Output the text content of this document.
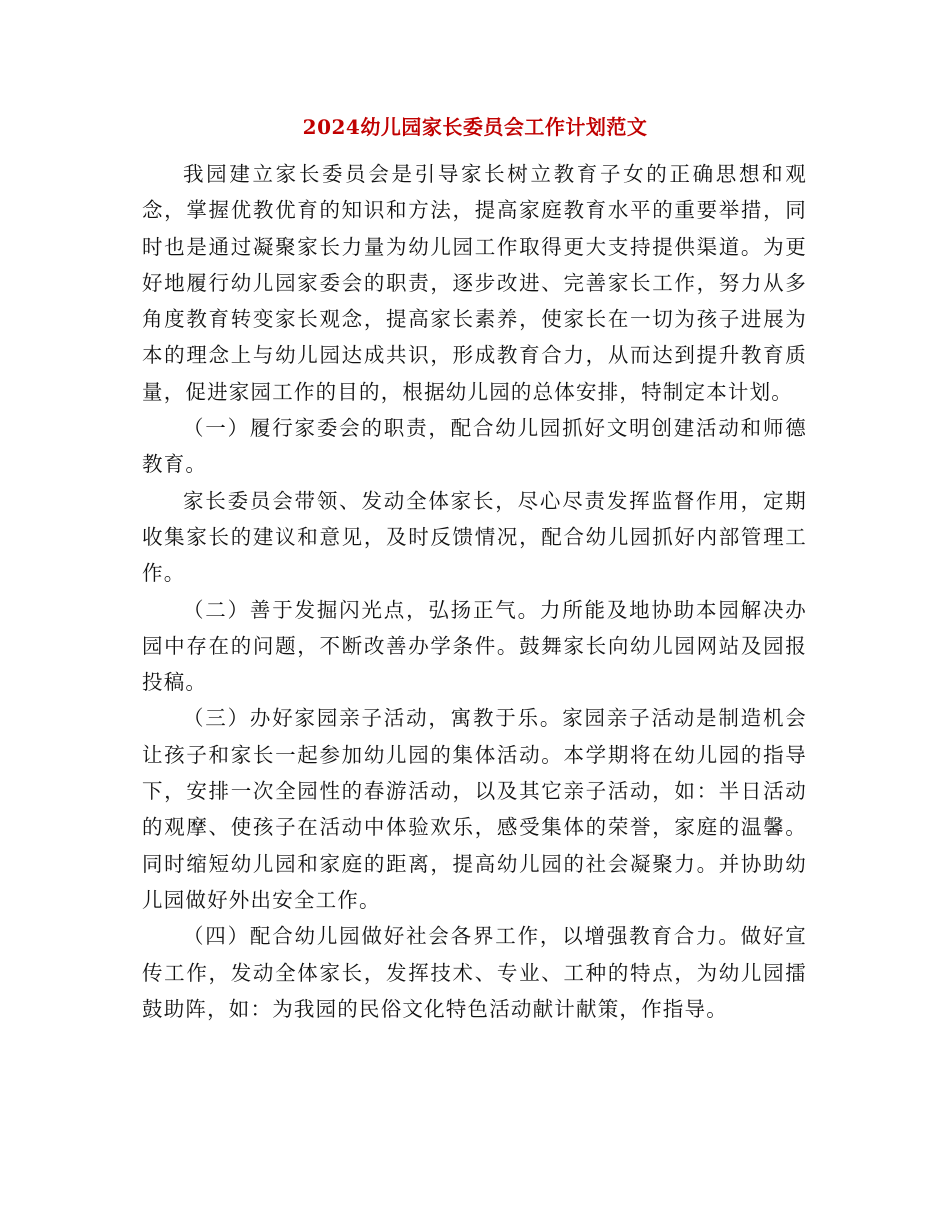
2024幼儿园家长委员会工作计划范文

我园建立家长委员会是引导家长树立教育子女的正确思想和观念，掌握优教优育的知识和方法，提高家庭教育水平的重要举措，同时也是通过凝聚家长力量为幼儿园工作取得更大支持提供渠道。为更好地履行幼儿园家委会的职责，逐步改进、完善家长工作，努力从多角度教育转变家长观念，提高家长素养，使家长在一切为孩子进展为本的理念上与幼儿园达成共识，形成教育合力，从而达到提升教育质量，促进家园工作的目的，根据幼儿园的总体安排，特制定本计划。

（一）履行家委会的职责，配合幼儿园抓好文明创建活动和师德教育。

家长委员会带领、发动全体家长，尽心尽责发挥监督作用，定期收集家长的建议和意见，及时反馈情况，配合幼儿园抓好内部管理工作。

（二）善于发掘闪光点，弘扬正气。力所能及地协助本园解决办园中存在的问题，不断改善办学条件。鼓舞家长向幼儿园网站及园报投稿。

（三）办好家园亲子活动，寓教于乐。家园亲子活动是制造机会让孩子和家长一起参加幼儿园的集体活动。本学期将在幼儿园的指导下，安排一次全园性的春游活动，以及其它亲子活动，如：半日活动的观摩、使孩子在活动中体验欢乐，感受集体的荣誉，家庭的温馨。同时缩短幼儿园和家庭的距离，提高幼儿园的社会凝聚力。并协助幼儿园做好外出安全工作。

（四）配合幼儿园做好社会各界工作，以增强教育合力。做好宣传工作，发动全体家长，发挥技术、专业、工种的特点，为幼儿园擂鼓助阵，如：为我园的民俗文化特色活动献计献策，作指导。
